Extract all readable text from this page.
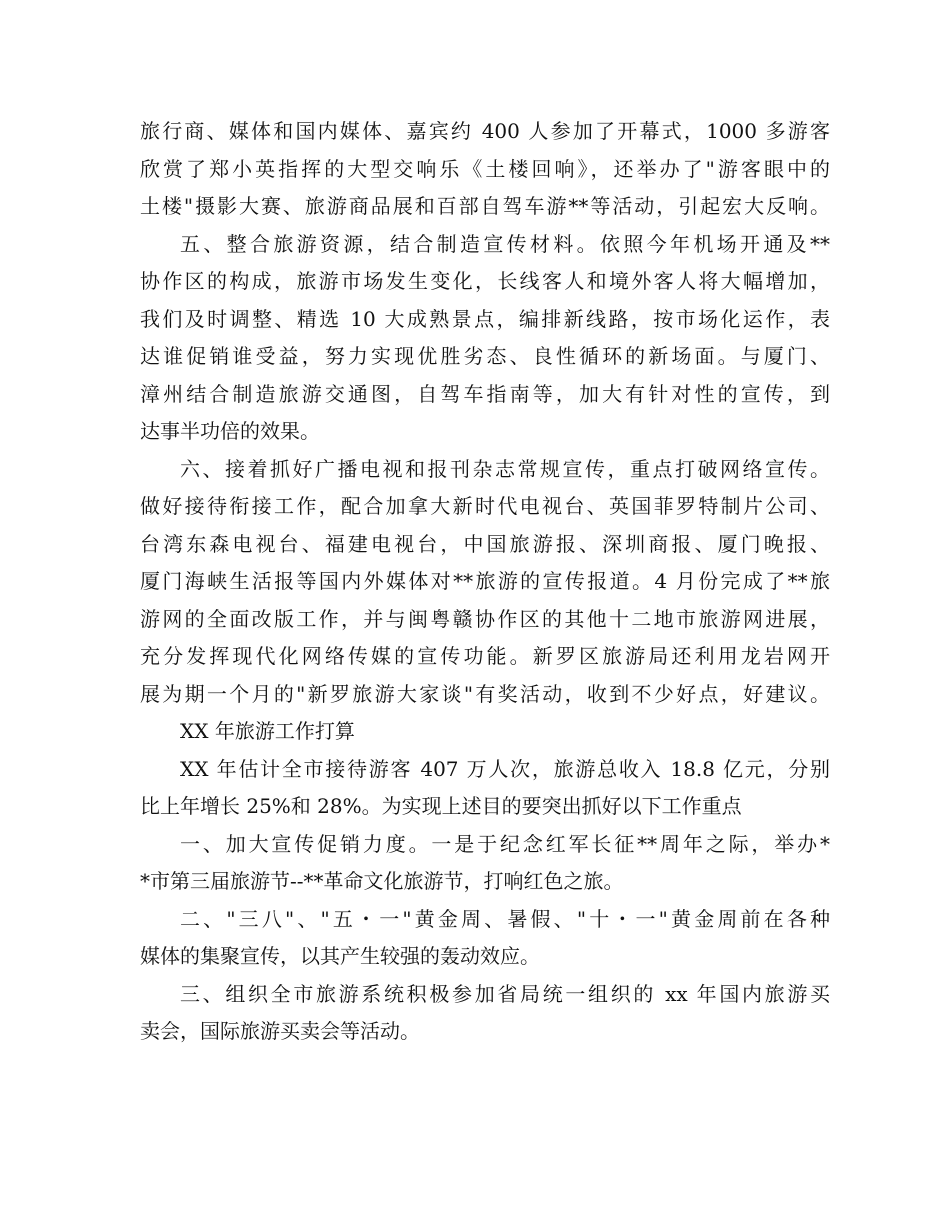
旅行商、媒体和国内媒体、嘉宾约 400 人参加了开幕式，1000 多游客
欣赏了郑小英指挥的大型交响乐《土楼回响》，还举办了"游客眼中的
土楼"摄影大赛、旅游商品展和百部自驾车游**等活动，引起宏大反响。
五、整合旅游资源，结合制造宣传材料。依照今年机场开通及**
协作区的构成，旅游市场发生变化，长线客人和境外客人将大幅增加，
我们及时调整、精选 10 大成熟景点，编排新线路，按市场化运作，表
达谁促销谁受益，努力实现优胜劣态、良性循环的新场面。与厦门、
漳州结合制造旅游交通图，自驾车指南等，加大有针对性的宣传，到
达事半功倍的效果。
六、接着抓好广播电视和报刊杂志常规宣传，重点打破网络宣传。
做好接待衔接工作，配合加拿大新时代电视台、英国菲罗特制片公司、
台湾东森电视台、福建电视台，中国旅游报、深圳商报、厦门晚报、
厦门海峡生活报等国内外媒体对**旅游的宣传报道。4 月份完成了**旅
游网的全面改版工作，并与闽粤赣协作区的其他十二地市旅游网进展，
充分发挥现代化网络传媒的宣传功能。新罗区旅游局还利用龙岩网开
展为期一个月的"新罗旅游大家谈"有奖活动，收到不少好点，好建议。
XX 年旅游工作打算
XX 年估计全市接待游客 407 万人次，旅游总收入 18.8 亿元，分别
比上年增长 25%和 28%。为实现上述目的要突出抓好以下工作重点
一、加大宣传促销力度。一是于纪念红军长征**周年之际，举办*
*市第三届旅游节--**革命文化旅游节，打响红色之旅。
二、"三八"、"五・一"黄金周、暑假、"十・一"黄金周前在各种
媒体的集聚宣传，以其产生较强的轰动效应。
三、组织全市旅游系统积极参加省局统一组织的 xx 年国内旅游买
卖会，国际旅游买卖会等活动。
